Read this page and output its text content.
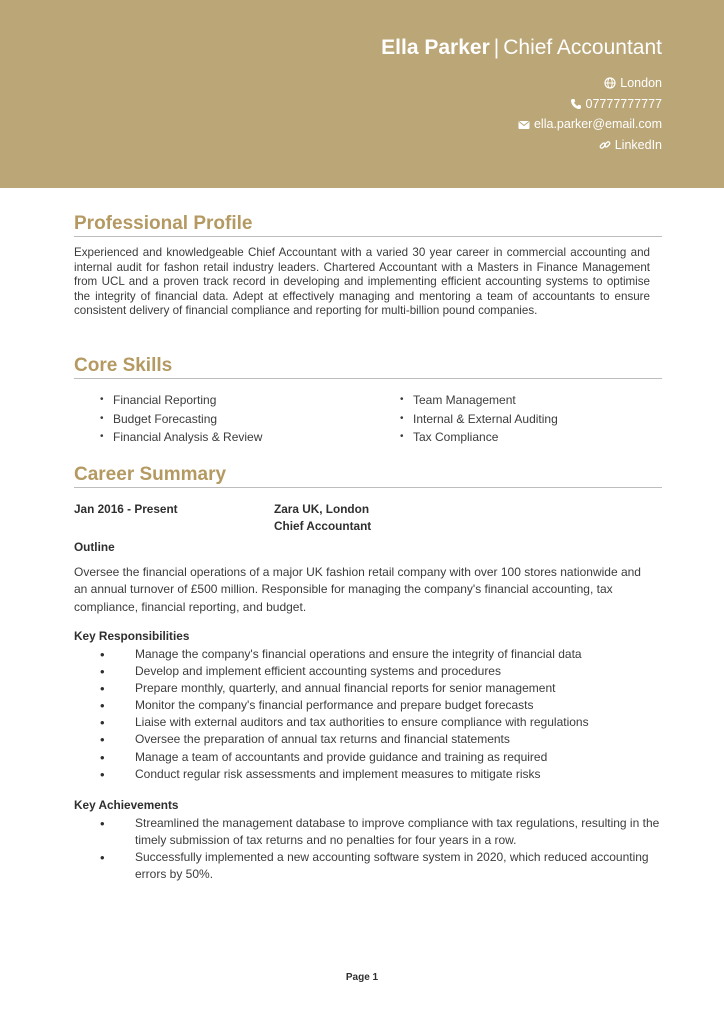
Ella Parker | Chief Accountant
London
07777777777
ella.parker@email.com
LinkedIn
Professional Profile
Experienced and knowledgeable Chief Accountant with a varied 30 year career in commercial accounting and internal audit for fashon retail industry leaders. Chartered Accountant with a Masters in Finance Management from UCL and a proven track record in developing and implementing efficient accounting systems to optimise the integrity of financial data. Adept at effectively managing and mentoring a team of accountants to ensure consistent delivery of financial compliance and reporting for multi-billion pound companies.
Core Skills
• Financial Reporting
• Budget Forecasting
• Financial Analysis & Review
• Team Management
• Internal & External Auditing
• Tax Compliance
Career Summary
Jan 2016 - Present	Zara UK, London
Chief Accountant
Outline
Oversee the financial operations of a major UK fashion retail company with over 100 stores nationwide and an annual turnover of £500 million. Responsible for managing the company's financial accounting, tax compliance, financial reporting, and budget.
Key Responsibilities
• Manage the company's financial operations and ensure the integrity of financial data
• Develop and implement efficient accounting systems and procedures
• Prepare monthly, quarterly, and annual financial reports for senior management
• Monitor the company's financial performance and prepare budget forecasts
• Liaise with external auditors and tax authorities to ensure compliance with regulations
• Oversee the preparation of annual tax returns and financial statements
• Manage a team of accountants and provide guidance and training as required
• Conduct regular risk assessments and implement measures to mitigate risks
Key Achievements
• Streamlined the management database to improve compliance with tax regulations, resulting in the timely submission of tax returns and no penalties for four years in a row.
• Successfully implemented a new accounting software system in 2020, which reduced accounting errors by 50%.
Page 1
